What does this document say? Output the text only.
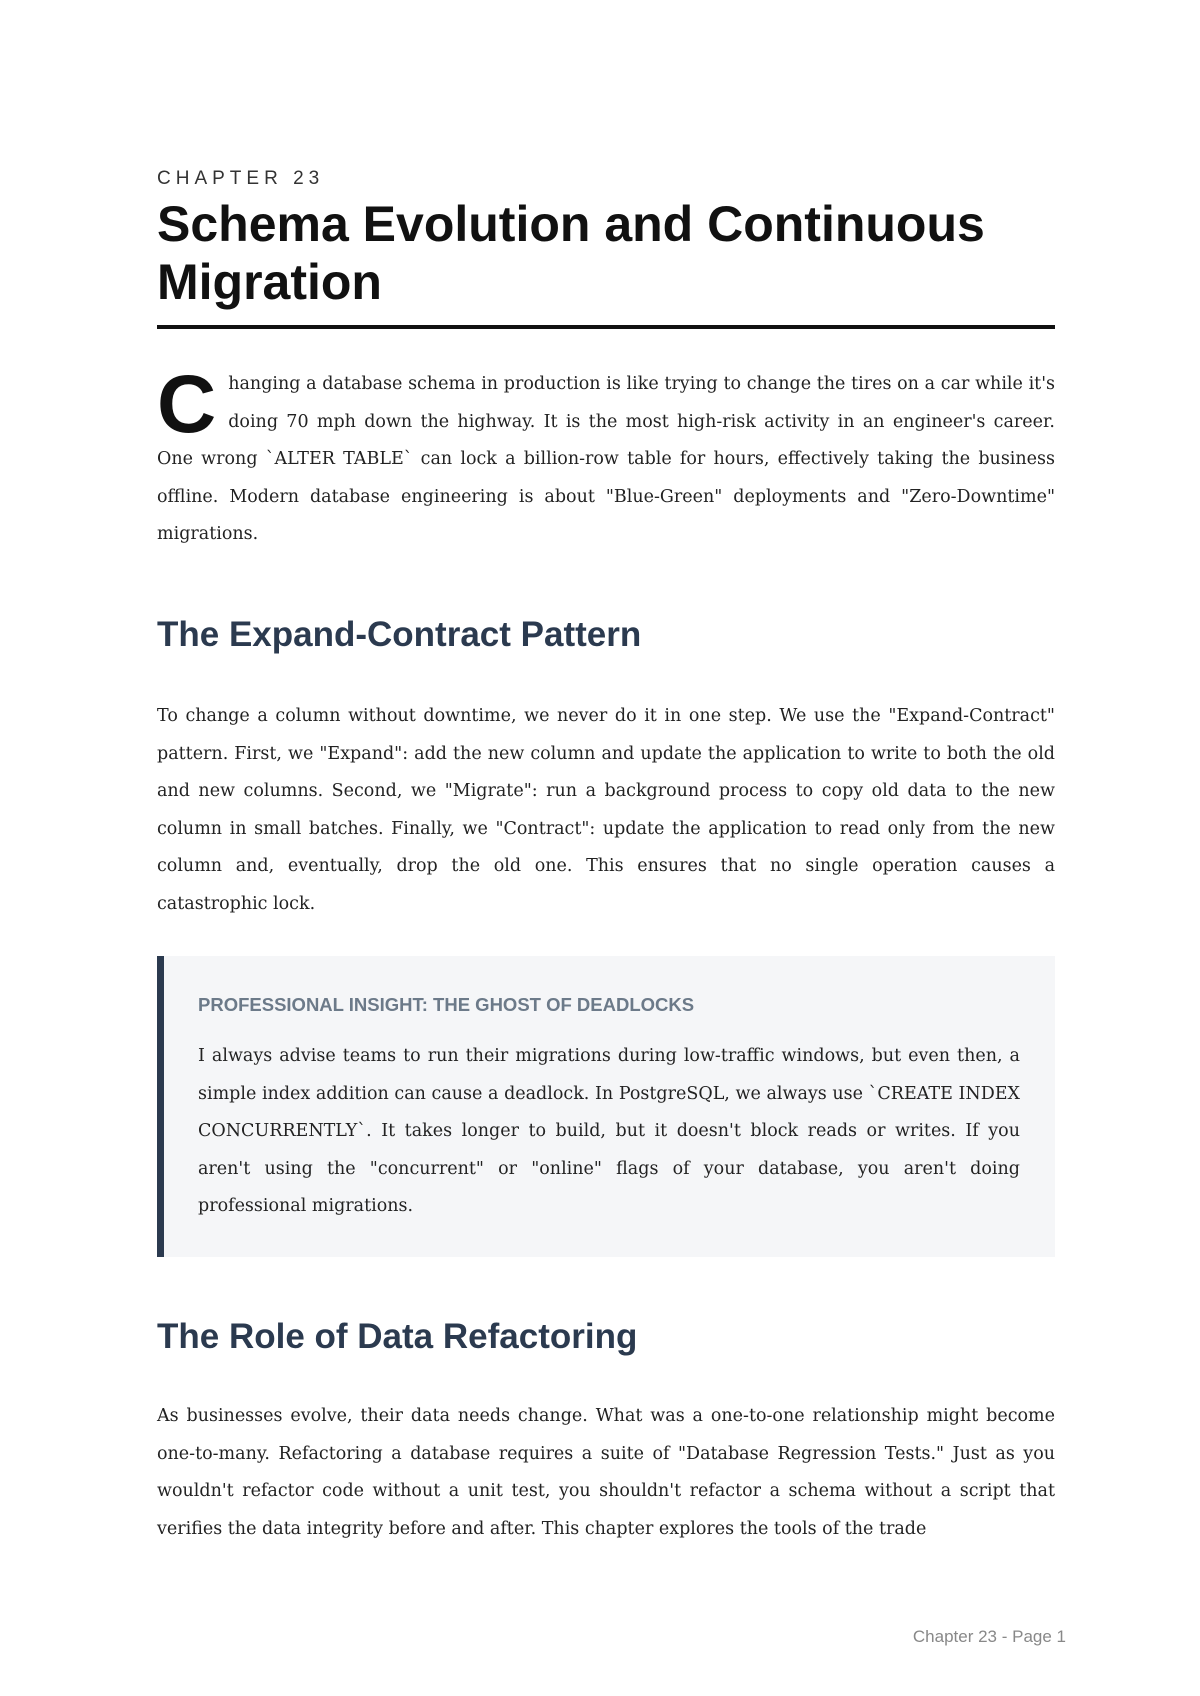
CHAPTER 23
Schema Evolution and Continuous Migration

Changing a database schema in production is like trying to change the tires on a car while it's doing 70 mph down the highway. It is the most high-risk activity in an engineer's career. One wrong `ALTER TABLE` can lock a billion-row table for hours, effectively taking the business offline. Modern database engineering is about "Blue-Green" deployments and "Zero-Downtime" migrations.

The Expand-Contract Pattern

To change a column without downtime, we never do it in one step. We use the "Expand-Contract" pattern. First, we "Expand": add the new column and update the application to write to both the old and new columns. Second, we "Migrate": run a background process to copy old data to the new column in small batches. Finally, we "Contract": update the application to read only from the new column and, eventually, drop the old one. This ensures that no single operation causes a catastrophic lock.

PROFESSIONAL INSIGHT: THE GHOST OF DEADLOCKS

I always advise teams to run their migrations during low-traffic windows, but even then, a simple index addition can cause a deadlock. In PostgreSQL, we always use `CREATE INDEX CONCURRENTLY`. It takes longer to build, but it doesn't block reads or writes. If you aren't using the "concurrent" or "online" flags of your database, you aren't doing professional migrations.

The Role of Data Refactoring

As businesses evolve, their data needs change. What was a one-to-one relationship might become one-to-many. Refactoring a database requires a suite of "Database Regression Tests." Just as you wouldn't refactor code without a unit test, you shouldn't refactor a schema without a script that verifies the data integrity before and after. This chapter explores the tools of the trade

Chapter 23 - Page 1
